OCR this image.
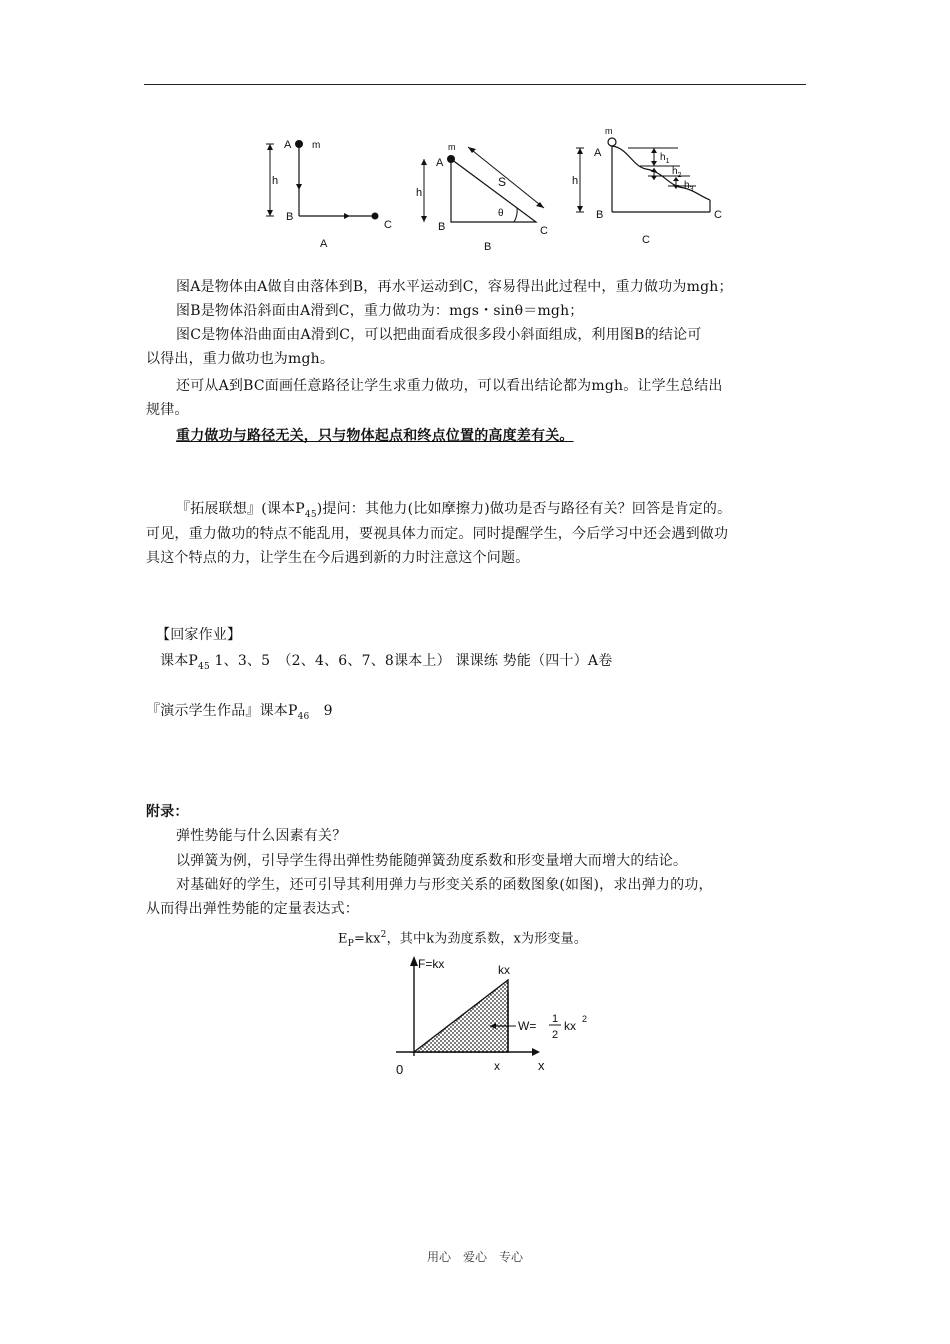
A m
h
B
C
A
m
A
h
S
θ
B	C
B
m
A
h
$h_1$
$h_2$
$h_3$
B	C
C
图A是物体由A做自由落体到B，再水平运动到C，容易得出此过程中，重力做功为mgh；
图B是物体沿斜面由A滑到C，重力做功为：mgs・sinθ＝mgh；
图C是物体沿曲面由A滑到C，可以把曲面看成很多段小斜面组成，利用图B的结论可
以得出，重力做功也为mgh。
还可从A到BC面画任意路径让学生求重力做功，可以看出结论都为mgh。让学生总结出
规律。
重力做功与路径无关，只与物体起点和终点位置的高度差有关。
『拓展联想』(课本$P_{45}$)提问：其他力(比如摩擦力)做功是否与路径有关？回答是肯定的。
可见，重力做功的特点不能乱用，要视具体力而定。同时提醒学生，今后学习中还会遇到做功
具这个特点的力，让学生在今后遇到新的力时注意这个问题。
【回家作业】
课本$P_{45}$ 1、3、5　（2、4、6、7、8课本上） 课课练 势能（四十）A卷
『演示学生作品』课本$P_{46}$　9
附录：
弹性势能与什么因素有关？
以弹簧为例，引导学生得出弹性势能随弹簧劲度系数和形变量增大而增大的结论。
对基础好的学生，还可引导其利用弹力与形变关系的函数图象(如图)，求出弹力的功，
从而得出弹性势能的定量表达式：
$E_P=kx^2$，其中k为劲度系数，x为形变量。
F=kx	kx
W= 1
2
kx 2
0	x	x
用心　爱心　专心
